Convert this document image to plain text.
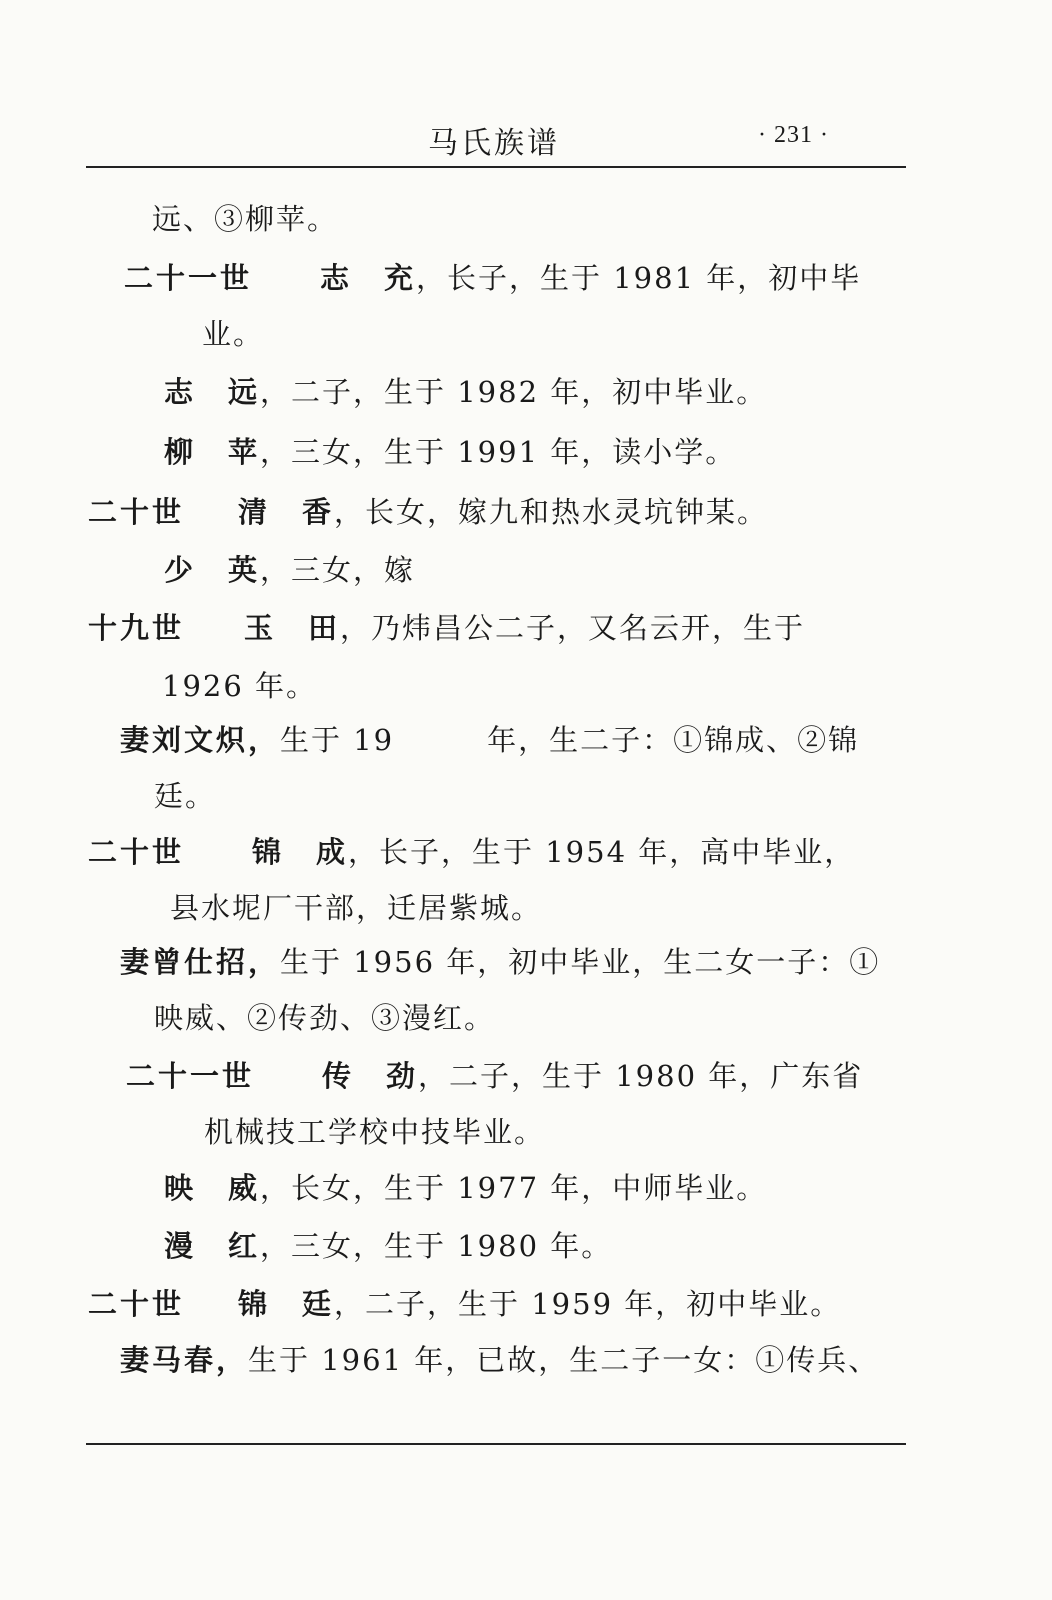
马氏族谱	· 231 ·
远、③柳苹。
二十一世 志　充，长子，生于 1981 年，初中毕
业。
志　远，二子，生于 1982 年，初中毕业。
柳　苹，三女，生于 1991 年，读小学。
二十世 清　香，长女，嫁九和热水灵坑钟某。
少　英，三女，嫁
十九世 玉　田，乃炜昌公二子，又名云开，生于
1926 年。
妻刘文炽，生于 19　　　年，生二子：①锦成、②锦
廷。
二十世 锦　成，长子，生于 1954 年，高中毕业，
县水坭厂干部，迁居紫城。
妻曾仕招，生于 1956 年，初中毕业，生二女一子：①
映威、②传劲、③漫红。
二十一世 传　劲，二子，生于 1980 年，广东省
机械技工学校中技毕业。
映　威，长女，生于 1977 年，中师毕业。
漫　红，三女，生于 1980 年。
二十世 锦　廷，二子，生于 1959 年，初中毕业。
妻马春，生于 1961 年，已故，生二子一女：①传兵、
